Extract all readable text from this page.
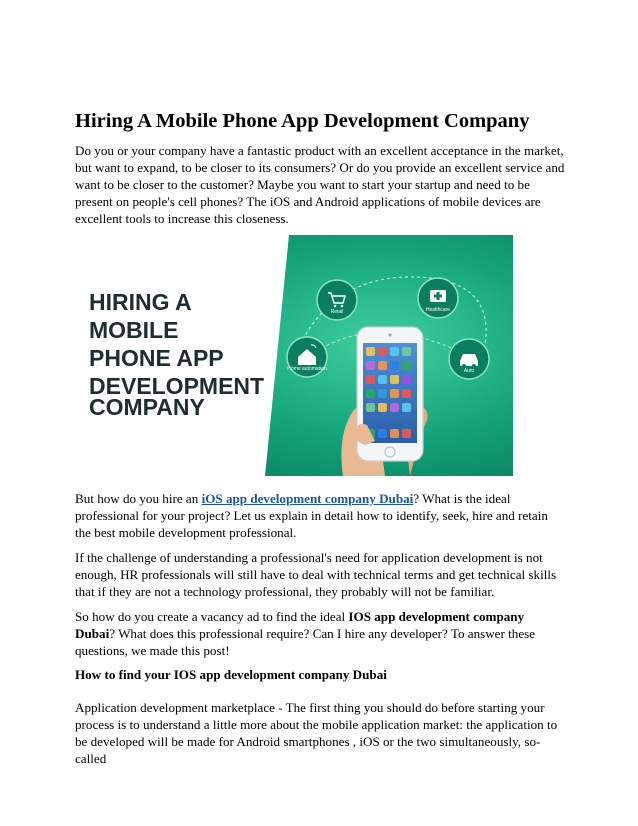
Hiring A Mobile Phone App Development Company

Do you or your company have a fantastic product with an excellent acceptance in the market, but want to expand, to be closer to its consumers? Or do you provide an excellent service and want to be closer to the customer? Maybe you want to start your startup and need to be present on people's cell phones? The iOS and Android applications of mobile devices are excellent tools to increase this closeness.

HIRING A
MOBILE
PHONE APP
DEVELOPMENT
COMPANY
Retail	Healthcare
Home automation	Auto

But how do you hire an iOS app development company Dubai? What is the ideal professional for your project? Let us explain in detail how to identify, seek, hire and retain the best mobile development professional.

If the challenge of understanding a professional's need for application development is not enough, HR professionals will still have to deal with technical terms and get technical skills that if they are not a technology professional, they probably will not be familiar.

So how do you create a vacancy ad to find the ideal IOS app development company Dubai? What does this professional require? Can I hire any developer? To answer these questions, we made this post!

How to find your IOS app development company Dubai

Application development marketplace - The first thing you should do before starting your process is to understand a little more about the mobile application market: the application to be developed will be made for Android smartphones , iOS or the two simultaneously, so-called
